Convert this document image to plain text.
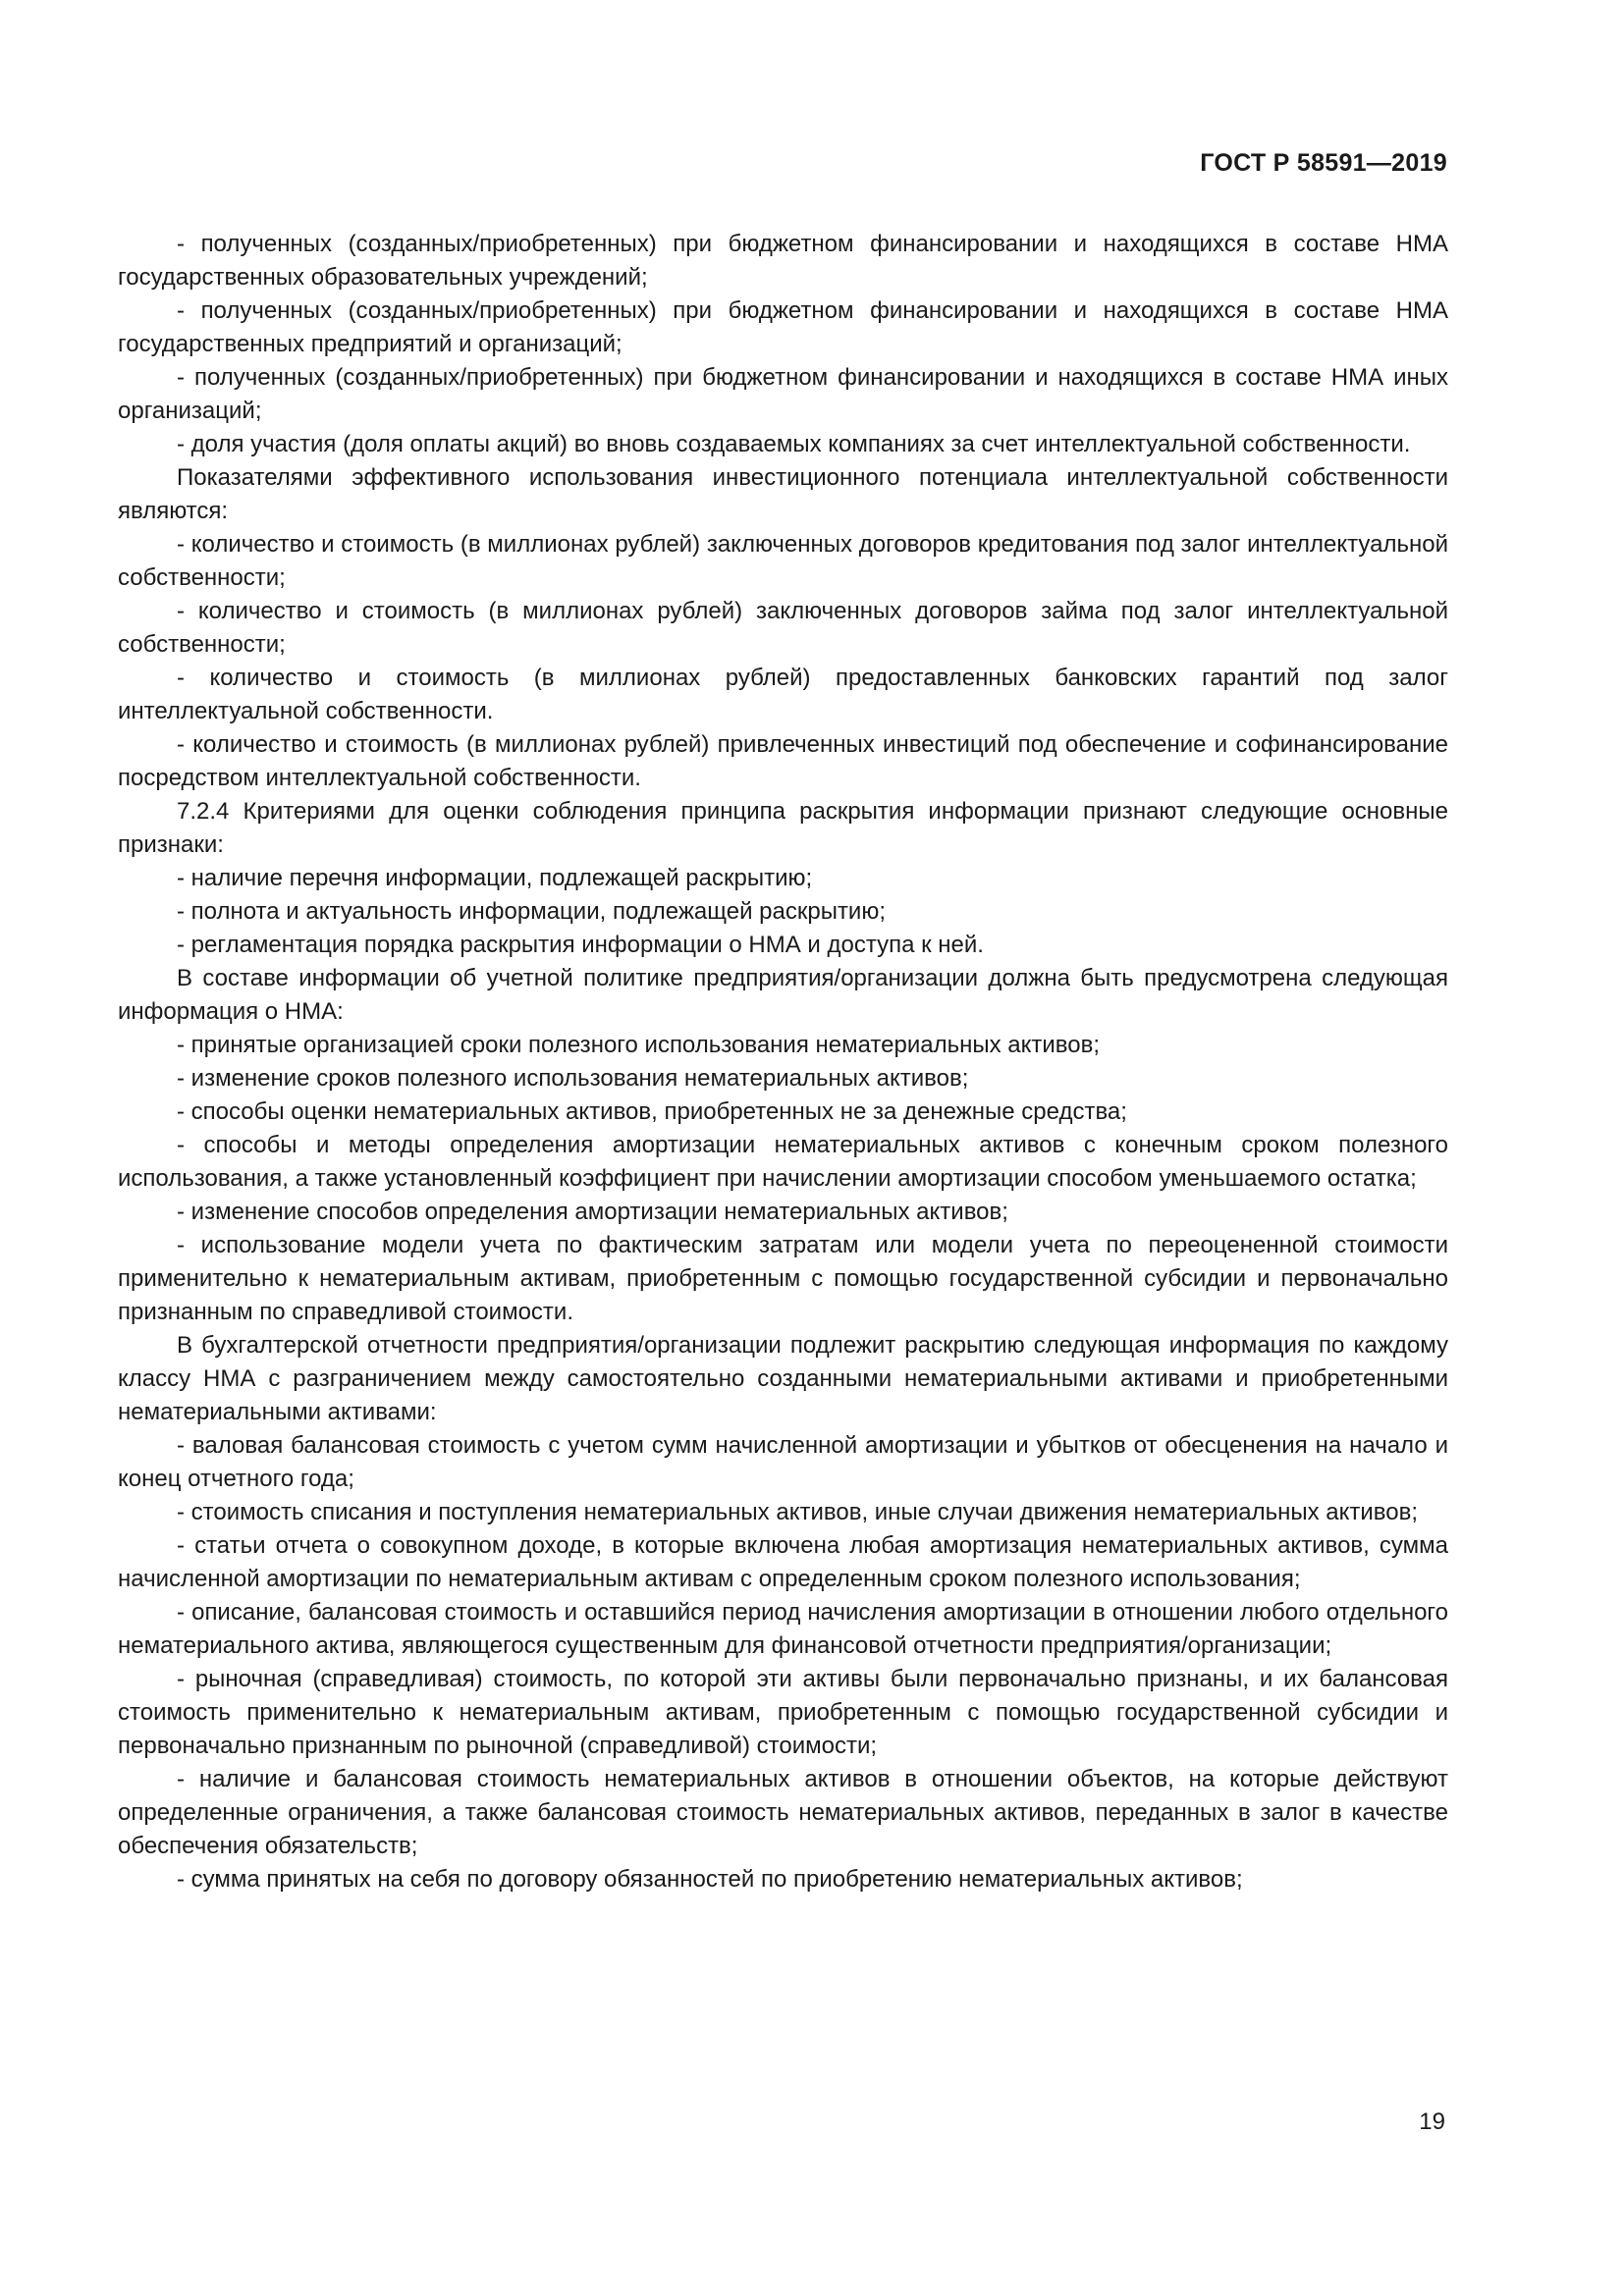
ГОСТ Р 58591—2019

- полученных (созданных/приобретенных) при бюджетном финансировании и находящихся в составе НМА государственных образовательных учреждений;

- полученных (созданных/приобретенных) при бюджетном финансировании и находящихся в составе НМА государственных предприятий и организаций;

- полученных (созданных/приобретенных) при бюджетном финансировании и находящихся в составе НМА иных организаций;

- доля участия (доля оплаты акций) во вновь создаваемых компаниях за счет интеллектуальной собственности.

Показателями эффективного использования инвестиционного потенциала интеллектуальной собственности являются:

- количество и стоимость (в миллионах рублей) заключенных договоров кредитования под залог интеллектуальной собственности;

- количество и стоимость (в миллионах рублей) заключенных договоров займа под залог интеллектуальной собственности;

- количество и стоимость (в миллионах рублей) предоставленных банковских гарантий под залог интеллектуальной собственности.

- количество и стоимость (в миллионах рублей) привлеченных инвестиций под обеспечение и софинансирование посредством интеллектуальной собственности.

7.2.4 Критериями для оценки соблюдения принципа раскрытия информации признают следующие основные признаки:

- наличие перечня информации, подлежащей раскрытию;

- полнота и актуальность информации, подлежащей раскрытию;

- регламентация порядка раскрытия информации о НМА и доступа к ней.

В составе информации об учетной политике предприятия/организации должна быть предусмотрена следующая информация о НМА:

- принятые организацией сроки полезного использования нематериальных активов;

- изменение сроков полезного использования нематериальных активов;

- способы оценки нематериальных активов, приобретенных не за денежные средства;

- способы и методы определения амортизации нематериальных активов с конечным сроком полезного использования, а также установленный коэффициент при начислении амортизации способом уменьшаемого остатка;

- изменение способов определения амортизации нематериальных активов;

- использование модели учета по фактическим затратам или модели учета по переоцененной стоимости применительно к нематериальным активам, приобретенным с помощью государственной субсидии и первоначально признанным по справедливой стоимости.

В бухгалтерской отчетности предприятия/организации подлежит раскрытию следующая информация по каждому классу НМА с разграничением между самостоятельно созданными нематериальными активами и приобретенными нематериальными активами:

- валовая балансовая стоимость с учетом сумм начисленной амортизации и убытков от обесценения на начало и конец отчетного года;

- стоимость списания и поступления нематериальных активов, иные случаи движения нематериальных активов;

- статьи отчета о совокупном доходе, в которые включена любая амортизация нематериальных активов, сумма начисленной амортизации по нематериальным активам с определенным сроком полезного использования;

- описание, балансовая стоимость и оставшийся период начисления амортизации в отношении любого отдельного нематериального актива, являющегося существенным для финансовой отчетности предприятия/организации;

- рыночная (справедливая) стоимость, по которой эти активы были первоначально признаны, и их балансовая стоимость применительно к нематериальным активам, приобретенным с помощью государственной субсидии и первоначально признанным по рыночной (справедливой) стоимости;

- наличие и балансовая стоимость нематериальных активов в отношении объектов, на которые действуют определенные ограничения, а также балансовая стоимость нематериальных активов, переданных в залог в качестве обеспечения обязательств;

- сумма принятых на себя по договору обязанностей по приобретению нематериальных активов;

19
